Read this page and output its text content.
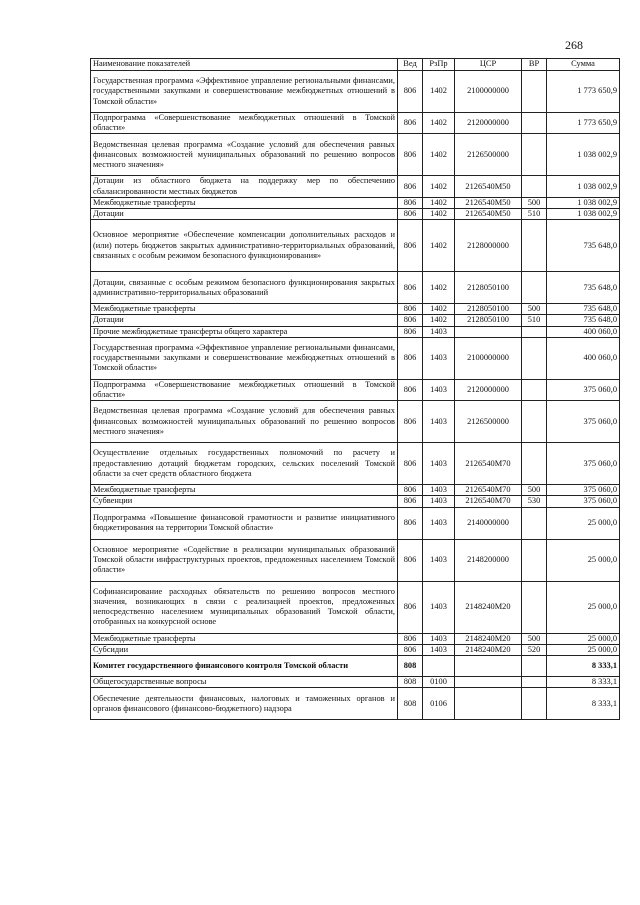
268
Наименование показателей	Вед	РзПр	ЦСР	ВР	Сумма
Государственная программа «Эффективное управление региональными финансами, государственными закупками и совершенствование межбюджетных отношений в Томской области»	806	1402	2100000000		1 773 650,9
Подпрограмма «Совершенствование межбюджетных отношений в Томской области»	806	1402	2120000000		1 773 650,9
Ведомственная целевая программа «Создание условий для обеспечения равных финансовых возможностей муниципальных образований по решению вопросов местного значения»	806	1402	2126500000		1 038 002,9
Дотации из областного бюджета на поддержку мер по обеспечению сбалансированности местных бюджетов	806	1402	2126540М50		1 038 002,9
Межбюджетные трансферты	806	1402	2126540М50	500	1 038 002,9
Дотации	806	1402	2126540М50	510	1 038 002,9
Основное мероприятие «Обеспечение компенсации дополнительных расходов и (или) потерь бюджетов закрытых административно-территориальных образований, связанных с особым режимом безопасного функционирования»	806	1402	2128000000		735 648,0
Дотации, связанные с особым режимом безопасного функционирования закрытых административно-территориальных образований	806	1402	2128050100		735 648,0
Межбюджетные трансферты	806	1402	2128050100	500	735 648,0
Дотации	806	1402	2128050100	510	735 648,0
Прочие межбюджетные трансферты общего характера	806	1403			400 060,0
Государственная программа «Эффективное управление региональными финансами, государственными закупками и совершенствование межбюджетных отношений в Томской области»	806	1403	2100000000		400 060,0
Подпрограмма «Совершенствование межбюджетных отношений в Томской области»	806	1403	2120000000		375 060,0
Ведомственная целевая программа «Создание условий для обеспечения равных финансовых возможностей муниципальных образований по решению вопросов местного значения»	806	1403	2126500000		375 060,0
Осуществление отдельных государственных полномочий по расчету и предоставлению дотаций бюджетам городских, сельских поселений Томской области за счет средств областного бюджета	806	1403	2126540М70		375 060,0
Межбюджетные трансферты	806	1403	2126540М70	500	375 060,0
Субвенции	806	1403	2126540М70	530	375 060,0
Подпрограмма «Повышение финансовой грамотности и развитие инициативного бюджетирования на территории Томской области»	806	1403	2140000000		25 000,0
Основное мероприятие «Содействие в реализации муниципальных образований Томской области инфраструктурных проектов, предложенных населением Томской области»	806	1403	2148200000		25 000,0
Софинансирование расходных обязательств по решению вопросов местного значения, возникающих в связи с реализацией проектов, предложенных непосредственно населением муниципальных образований Томской области, отобранных на конкурсной основе	806	1403	2148240М20		25 000,0
Межбюджетные трансферты	806	1403	2148240М20	500	25 000,0
Субсидии	806	1403	2148240М20	520	25 000,0
Комитет государственного финансового контроля Томской области	808				8 333,1
Общегосударственные вопросы	808	0100			8 333,1
Обеспечение деятельности финансовых, налоговых и таможенных органов и органов финансового (финансово-бюджетного) надзора	808	0106			8 333,1
